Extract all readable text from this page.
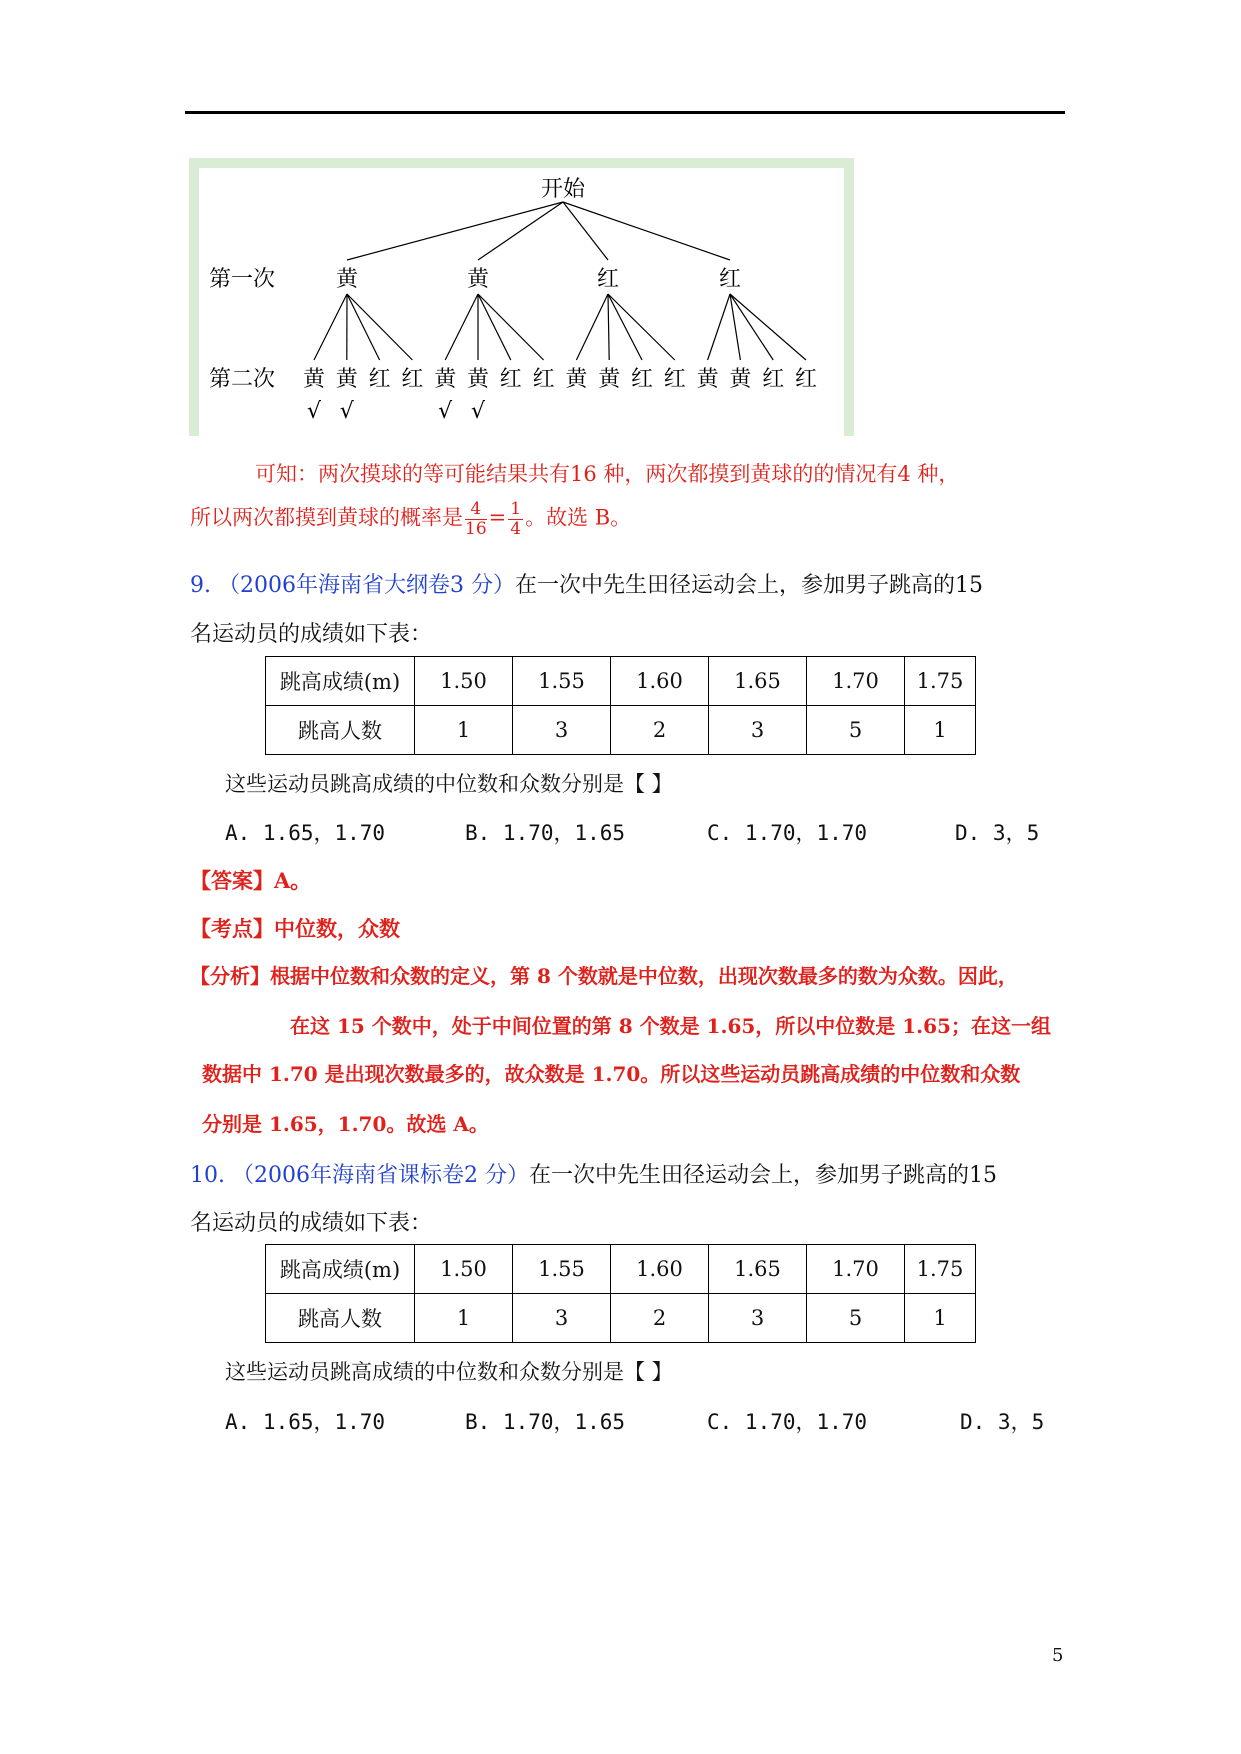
开始
第一次
第二次
黄	黄	红	红
黄
√
黄
√
红 红 黄
√
黄
√
红 红 黄 黄 红 红 黄 黄 红 红
可知：两次摸球的等可能结果共有16 种，两次都摸到黄球的的情况有4 种，
所以两次都摸到黄球的概率是 $\frac{4}{16} = \frac{1}{4}$ 。故选 B。
9. （2006年海南省大纲卷3 分）在一次中先生田径运动会上，参加男子跳高的15
名运动员的成绩如下表：
跳高成绩(m)	1.50	1.55	1.60	1.65	1.70	1.75
跳高人数	1	3	2	3	5	1
这些运动员跳高成绩的中位数和众数分别是【 】
A. 1.65，1.70	B. 1.70，1.65	C. 1.70，1.70	D. 3，5
【答案】A。
【考点】中位数，众数
【分析】根据中位数和众数的定义，第 8 个数就是中位数，出现次数最多的数为众数。因此，
在这 15 个数中，处于中间位置的第 8 个数是 1.65，所以中位数是 1.65；在这一组
数据中 1.70 是出现次数最多的，故众数是 1.70。所以这些运动员跳高成绩的中位数和众数
分别是 1.65，1.70。故选 A。
10. （2006年海南省课标卷2 分）在一次中先生田径运动会上，参加男子跳高的15
名运动员的成绩如下表：
跳高成绩(m)	1.50	1.55	1.60	1.65	1.70	1.75
跳高人数	1	3	2	3	5	1
这些运动员跳高成绩的中位数和众数分别是【 】
A. 1.65，1.70	B. 1.70，1.65	C. 1.70，1.70	D. 3，5
5
